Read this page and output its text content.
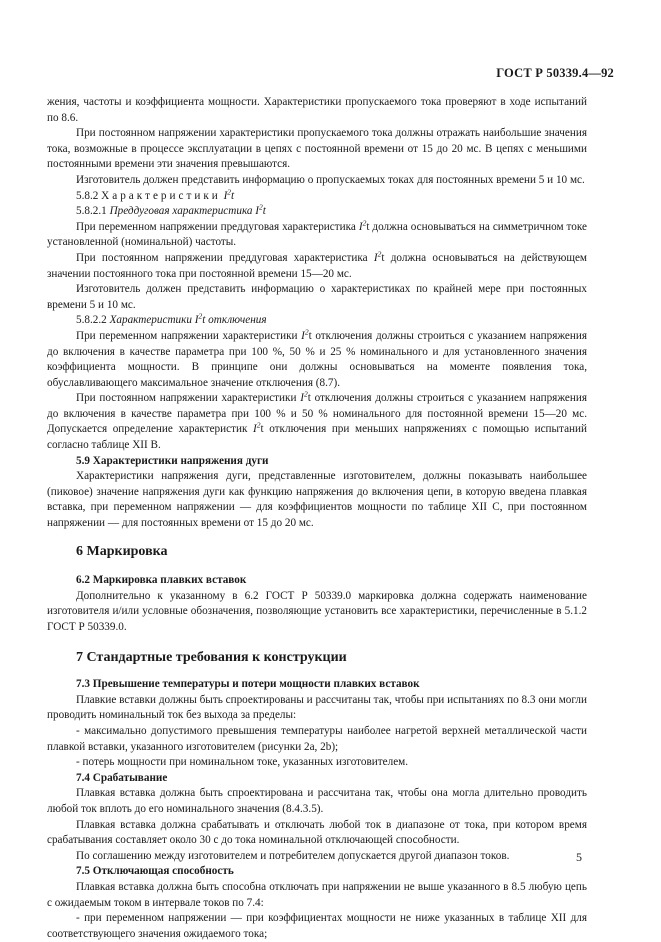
ГОСТ Р 50339.4—92

жения, частоты и коэффициента мощности. Характеристики пропускаемого тока проверяют в ходе испытаний по 8.6.

При постоянном напряжении характеристики пропускаемого тока должны отражать наибольшие значения тока, возможные в процессе эксплуатации в цепях с постоянной времени от 15 до 20 мс. В цепях с меньшими постоянными времени эти значения превышаются.

Изготовитель должен представить информацию о пропускаемых токах для постоянных времени 5 и 10 мс.

5.8.2 Характеристики $I^2t$

5.8.2.1 Преддуговая характеристика $I^2t$

При переменном напряжении преддуговая характеристика $I^2t$ должна основываться на симметричном токе установленной (номинальной) частоты.

При постоянном напряжении преддуговая характеристика $I^2t$ должна основываться на действующем значении постоянного тока при постоянной времени 15—20 мс.

Изготовитель должен представить информацию о характеристиках по крайней мере при постоянных времени 5 и 10 мс.

5.8.2.2 Характеристики $I^2t$ отключения

При переменном напряжении характеристики $I^2t$ отключения должны строиться с указанием напряжения до включения в качестве параметра при 100 %, 50 % и 25 % номинального и для установленного значения коэффициента мощности. В принципе они должны основываться на моменте появления тока, обуславливающего максимальное значение отключения (8.7).

При постоянном напряжении характеристики $I^2t$ отключения должны строиться с указанием напряжения до включения в качестве параметра при 100 % и 50 % номинального для постоянной времени 15—20 мс. Допускается определение характеристик $I^2t$ отключения при меньших напряжениях с помощью испытаний согласно таблице XII B.

5.9 Характеристики напряжения дуги

Характеристики напряжения дуги, представленные изготовителем, должны показывать наибольшее (пиковое) значение напряжения дуги как функцию напряжения до включения цепи, в которую введена плавкая вставка, при переменном напряжении — для коэффициентов мощности по таблице XII C, при постоянном напряжении — для постоянных времени от 15 до 20 мс.

6 Маркировка

6.2 Маркировка плавких вставок

Дополнительно к указанному в 6.2 ГОСТ Р 50339.0 маркировка должна содержать наименование изготовителя и/или условные обозначения, позволяющие установить все характеристики, перечисленные в 5.1.2 ГОСТ Р 50339.0.

7 Стандартные требования к конструкции

7.3 Превышение температуры и потери мощности плавких вставок

Плавкие вставки должны быть спроектированы и рассчитаны так, чтобы при испытаниях по 8.3 они могли проводить номинальный ток без выхода за пределы:

- максимально допустимого превышения температуры наиболее нагретой верхней металлической части плавкой вставки, указанного изготовителем (рисунки 2а, 2b);

- потерь мощности при номинальном токе, указанных изготовителем.

7.4 Срабатывание

Плавкая вставка должна быть спроектирована и рассчитана так, чтобы она могла длительно проводить любой ток вплоть до его номинального значения (8.4.3.5).

Плавкая вставка должна срабатывать и отключать любой ток в диапазоне от тока, при котором время срабатывания составляет около 30 с до тока номинальной отключающей способности.

По соглашению между изготовителем и потребителем допускается другой диапазон токов.

7.5 Отключающая способность

Плавкая вставка должна быть способна отключать при напряжении не выше указанного в 8.5 любую цепь с ожидаемым током в интервале токов по 7.4:

- при переменном напряжении — при коэффициентах мощности не ниже указанных в таблице XII для соответствующего значения ожидаемого тока;

5
